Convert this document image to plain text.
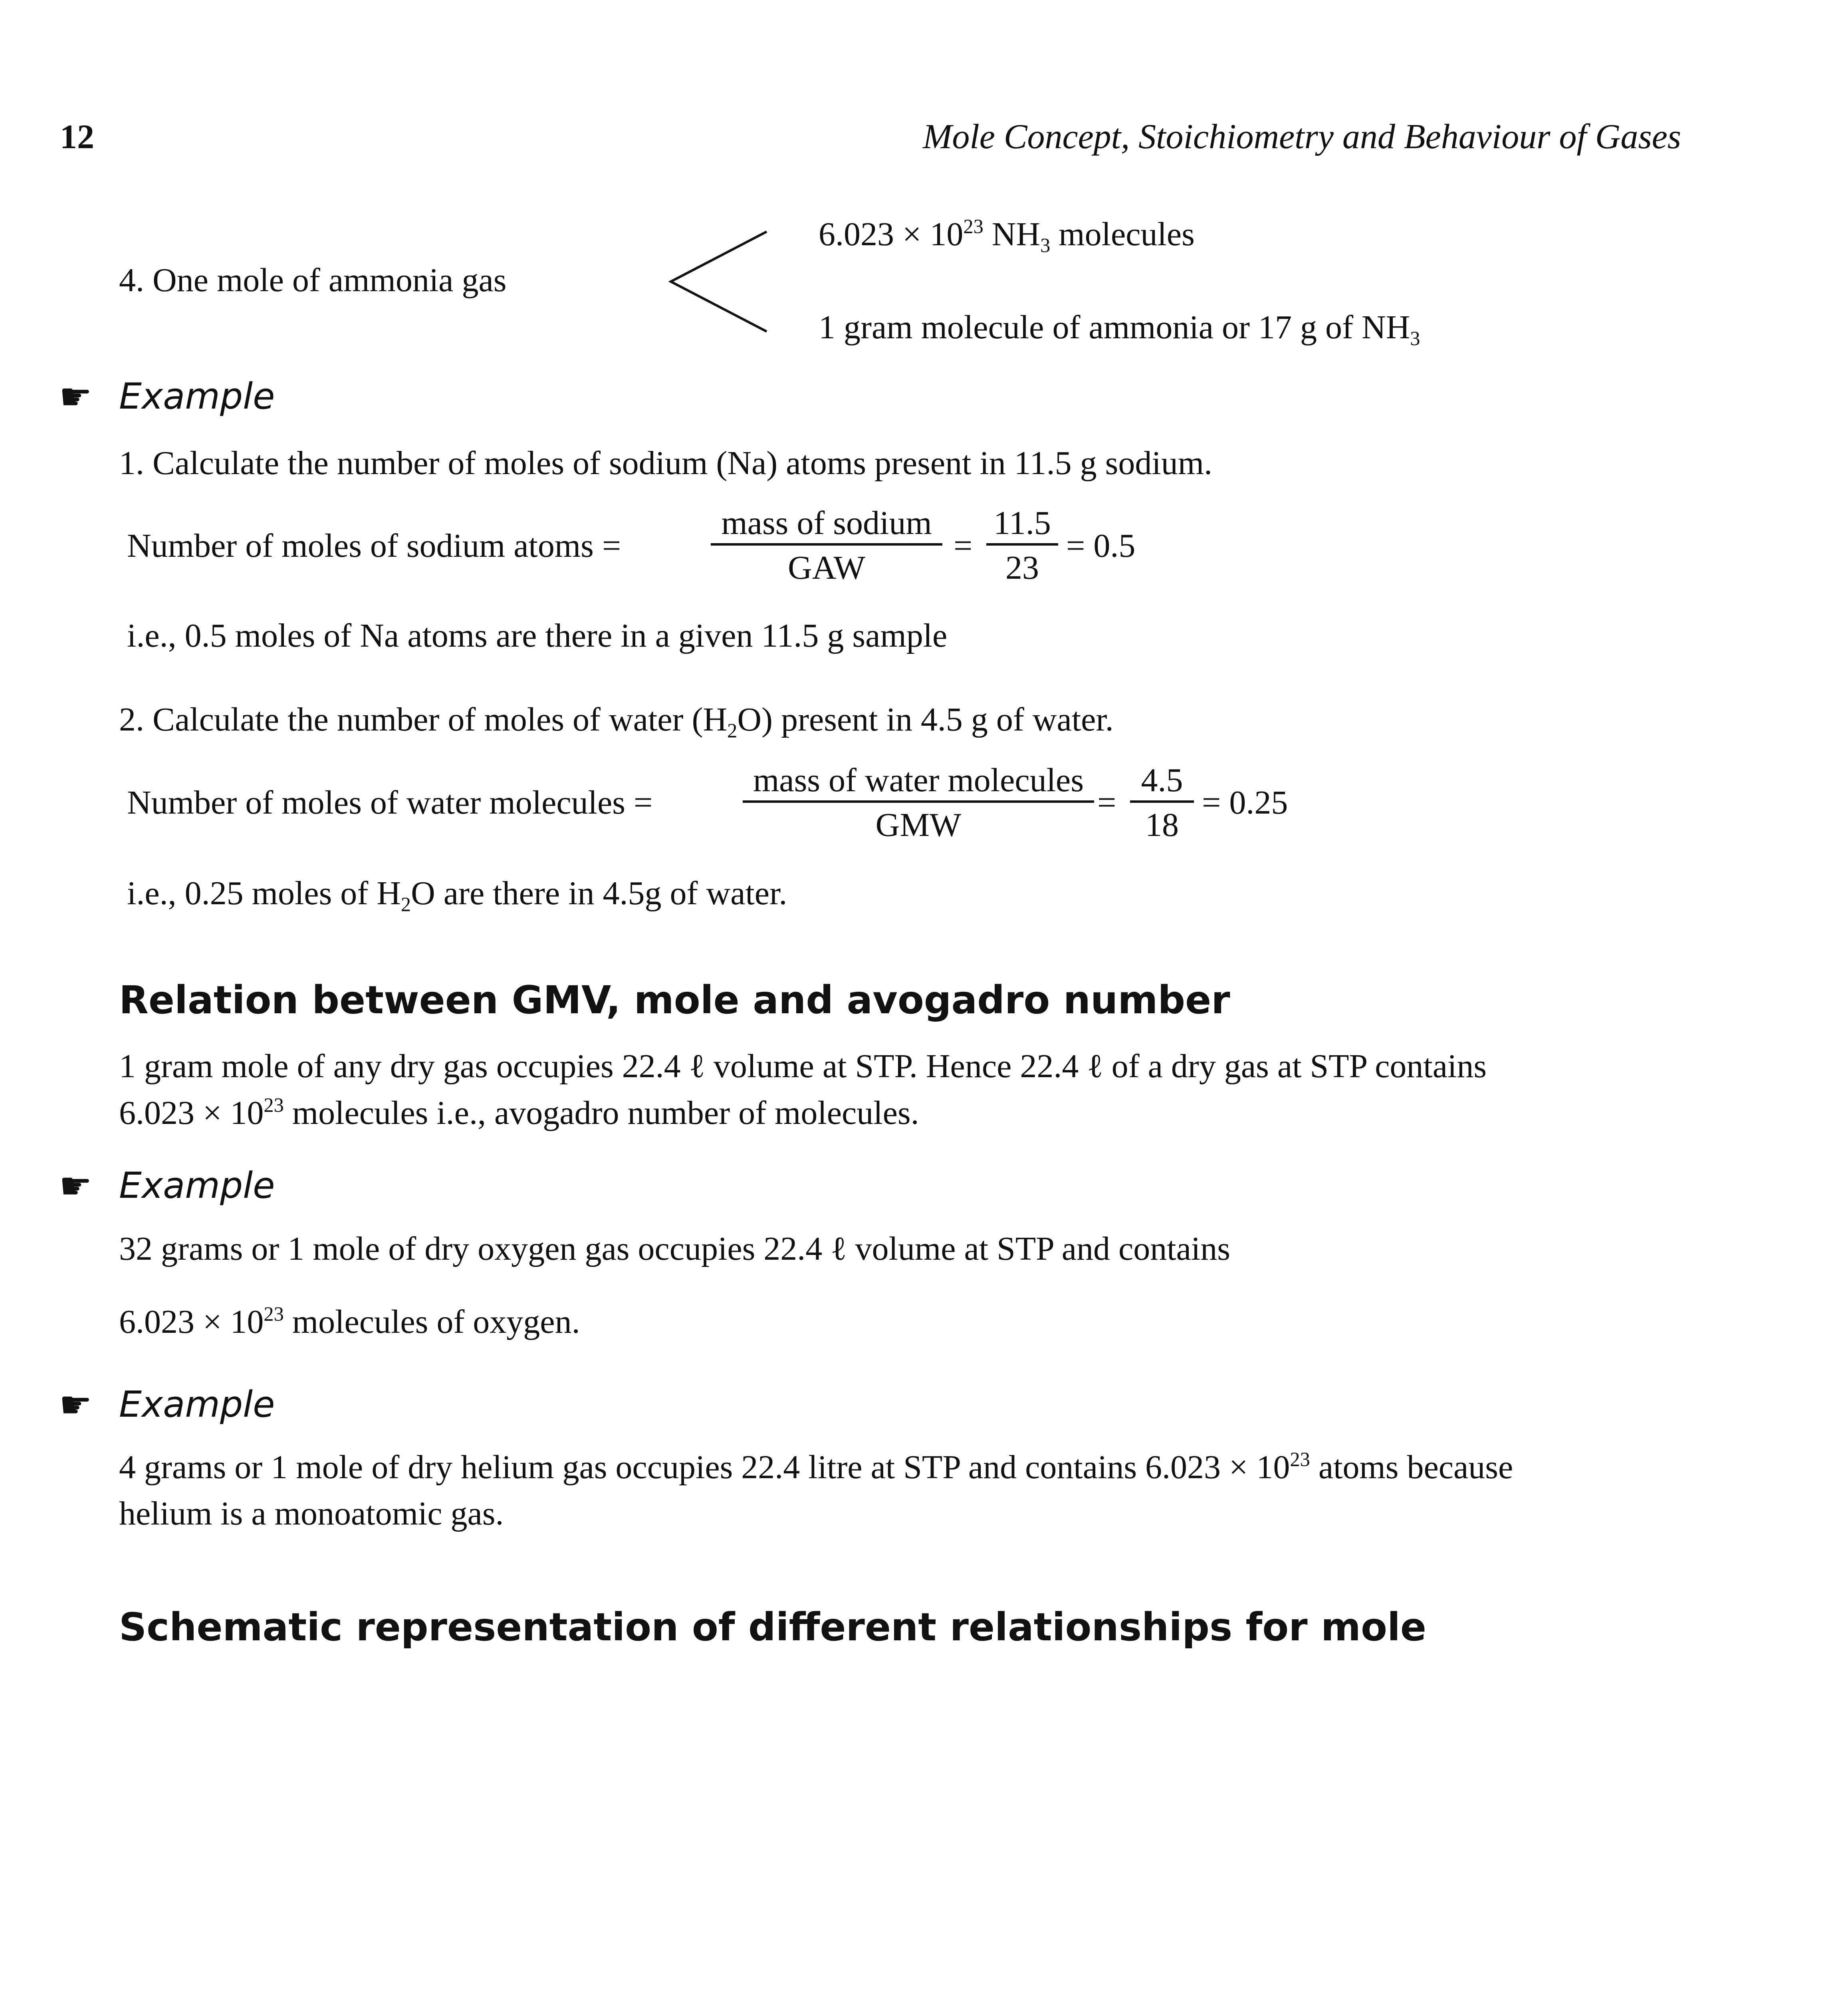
12	Mole Concept, Stoichiometry and Behaviour of Gases
4. One mole of ammonia gas
$6.023 \times 10^{23}$ $NH_3$ molecules
1 gram molecule of ammonia or 17 g of $NH_3$
☛ Example
1. Calculate the number of moles of sodium (Na) atoms present in 11.5 g sodium.
Number of moles of sodium atoms =
mass of sodium
GAW
=
11.5
23
= 0.5
i.e., 0.5 moles of Na atoms are there in a given 11.5 g sample
2. Calculate the number of moles of water $(H_2O)$ present in 4.5 g of water.
Number of moles of water molecules =
mass of water molecules
GMW
=
4.5
18
= 0.25
i.e., 0.25 moles of $H_2O$ are there in 4.5g of water.
Relation between GMV, mole and avogadro number
1 gram mole of any dry gas occupies 22.4 ℓ volume at STP. Hence 22.4 ℓ of a dry gas at STP contains
$6.023 \times 10^{23}$ molecules i.e., avogadro number of molecules.
☛ Example
32 grams or 1 mole of dry oxygen gas occupies 22.4 ℓ volume at STP and contains
$6.023 \times 10^{23}$ molecules of oxygen.
☛ Example
4 grams or 1 mole of dry helium gas occupies 22.4 litre at STP and contains $6.023 \times 10^{23}$ atoms because
helium is a monoatomic gas.
Schematic representation of different relationships for mole
